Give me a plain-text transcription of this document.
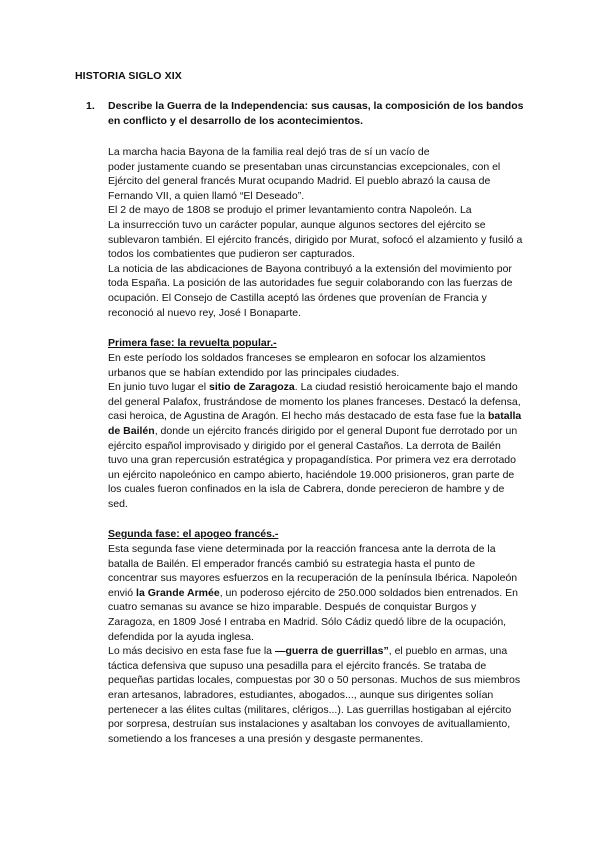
HISTORIA SIGLO XIX
1.	Describe la Guerra de la Independencia: sus causas, la composición de los bandos en conflicto y el desarrollo de los acontecimientos.

La marcha hacia Bayona de la familia real dejó tras de sí un vacío de

poder justamente cuando se presentaban unas circunstancias excepcionales, con el Ejército del general francés Murat ocupando Madrid. El pueblo abrazó la causa de Fernando VII, a quien llamó “El Deseado”.

El 2 de mayo de 1808 se produjo el primer levantamiento contra Napoleón. La

La insurrección tuvo un carácter popular, aunque algunos sectores del ejército se sublevaron también. El ejército francés, dirigido por Murat, sofocó el alzamiento y fusiló a todos los combatientes que pudieron ser capturados.

La noticia de las abdicaciones de Bayona contribuyó a la extensión del movimiento por toda España. La posición de las autoridades fue seguir colaborando con las fuerzas de ocupación. El Consejo de Castilla aceptó las órdenes que provenían de Francia y reconoció al nuevo rey, José I Bonaparte.

Primera fase: la revuelta popular.-

En este período los soldados franceses se emplearon en sofocar los alzamientos urbanos que se habían extendido por las principales ciudades.

En junio tuvo lugar el sitio de Zaragoza. La ciudad resistió heroicamente bajo el mando del general Palafox, frustrándose de momento los planes franceses. Destacó la defensa, casi heroica, de Agustina de Aragón. El hecho más destacado de esta fase fue la batalla de Bailén, donde un ejército francés dirigido por el general Dupont fue derrotado por un ejército español improvisado y dirigido por el general Castaños. La derrota de Bailén tuvo una gran repercusión estratégica y propagandística. Por primera vez era derrotado un ejército napoleónico en campo abierto, haciéndole 19.000 prisioneros, gran parte de los cuales fueron confinados en la isla de Cabrera, donde perecieron de hambre y de sed.

Segunda fase: el apogeo francés.-

Esta segunda fase viene determinada por la reacción francesa ante la derrota de la batalla de Bailén. El emperador francés cambió su estrategia hasta el punto de concentrar sus mayores esfuerzos en la recuperación de la península Ibérica. Napoleón envió la Grande Armée, un poderoso ejército de 250.000 soldados bien entrenados. En cuatro semanas su avance se hizo imparable. Después de conquistar Burgos y Zaragoza, en 1809 José I entraba en Madrid. Sólo Cádiz quedó libre de la ocupación, defendida por la ayuda inglesa.

Lo más decisivo en esta fase fue la —guerra de guerrillas”, el pueblo en armas, una táctica defensiva que supuso una pesadilla para el ejército francés. Se trataba de pequeñas partidas locales, compuestas por 30 o 50 personas. Muchos de sus miembros eran artesanos, labradores, estudiantes, abogados..., aunque sus dirigentes solían pertenecer a las élites cultas (militares, clérigos...). Las guerrillas hostigaban al ejército por sorpresa, destruían sus instalaciones y asaltaban los convoyes de avituallamiento, sometiendo a los franceses a una presión y desgaste permanentes.
